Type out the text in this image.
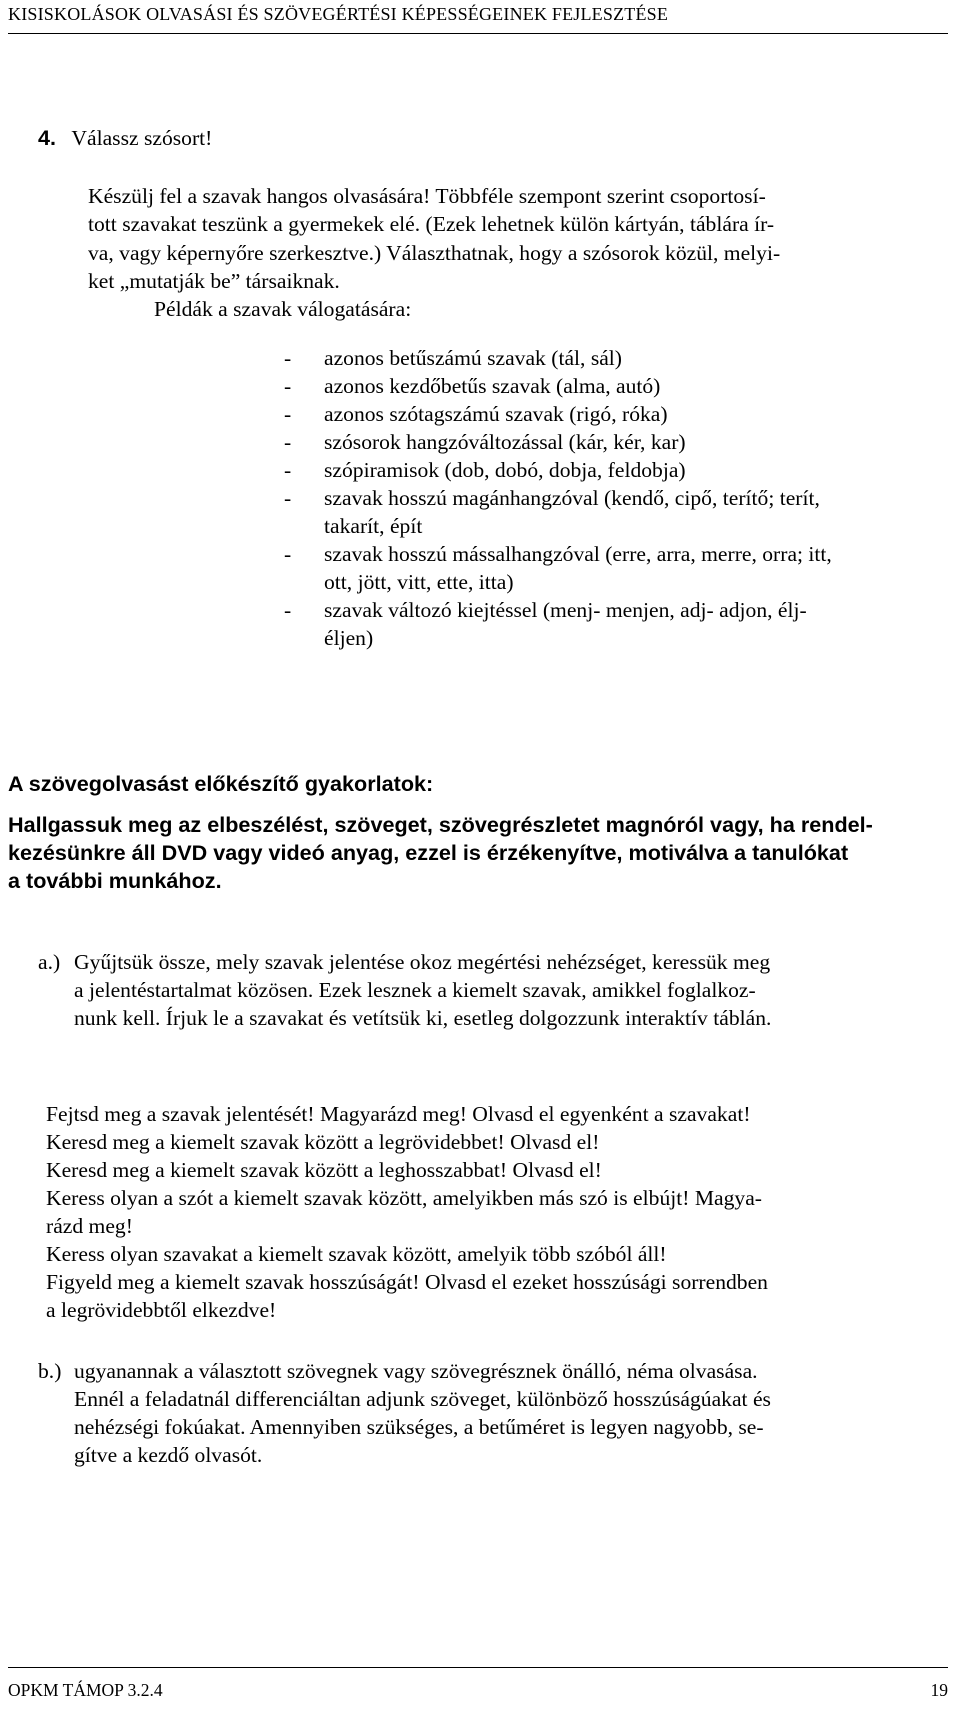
KISISKOLÁSOK OLVASÁSI ÉS SZÖVEGÉRTÉSI KÉPESSÉGEINEK FEJLESZTÉSE
4. Válassz szósort!
Készülj fel a szavak hangos olvasására! Többféle szempont szerint csoportosí-
tott szavakat teszünk a gyermekek elé. (Ezek lehetnek külön kártyán, táblára ír-
va, vagy képernyőre szerkesztve.) Választhatnak, hogy a szósorok közül, melyi-
ket „mutatják be” társaiknak.
Példák a szavak válogatására:
- azonos betűszámú szavak (tál, sál)
- azonos kezdőbetűs szavak (alma, autó)
- azonos szótagszámú szavak (rigó, róka)
- szósorok hangzóváltozással (kár, kér, kar)
- szópiramisok (dob, dobó, dobja, feldobja)
- szavak hosszú magánhangzóval (kendő, cipő, terítő; terít,
takarít, épít
- szavak hosszú mássalhangzóval (erre, arra, merre, orra; itt,
ott, jött, vitt, ette, itta)
- szavak változó kiejtéssel (menj- menjen, adj- adjon, élj-
éljen)
A szövegolvasást előkészítő gyakorlatok:
Hallgassuk meg az elbeszélést, szöveget, szövegrészletet magnóról vagy, ha rendel-
kezésünkre áll DVD vagy videó anyag, ezzel is érzékenyítve, motiválva a tanulókat
a további munkához.
a.) Gyűjtsük össze, mely szavak jelentése okoz megértési nehézséget, keressük meg
a jelentéstartalmat közösen. Ezek lesznek a kiemelt szavak, amikkel foglalkoz-
nunk kell. Írjuk le a szavakat és vetítsük ki, esetleg dolgozzunk interaktív táblán.
Fejtsd meg a szavak jelentését! Magyarázd meg! Olvasd el egyenként a szavakat!
Keresd meg a kiemelt szavak között a legrövidebbet! Olvasd el!
Keresd meg a kiemelt szavak között a leghosszabbat! Olvasd el!
Keress olyan a szót a kiemelt szavak között, amelyikben más szó is elbújt! Magya-
rázd meg!
Keress olyan szavakat a kiemelt szavak között, amelyik több szóból áll!
Figyeld meg a kiemelt szavak hosszúságát! Olvasd el ezeket hosszúsági sorrendben
a legrövidebbtől elkezdve!
b.) ugyanannak a választott szövegnek vagy szövegrésznek önálló, néma olvasása.
Ennél a feladatnál differenciáltan adjunk szöveget, különböző hosszúságúakat és
nehézségi fokúakat. Amennyiben szükséges, a betűméret is legyen nagyobb, se-
gítve a kezdő olvasót.
OPKM TÁMOP 3.2.4	19
